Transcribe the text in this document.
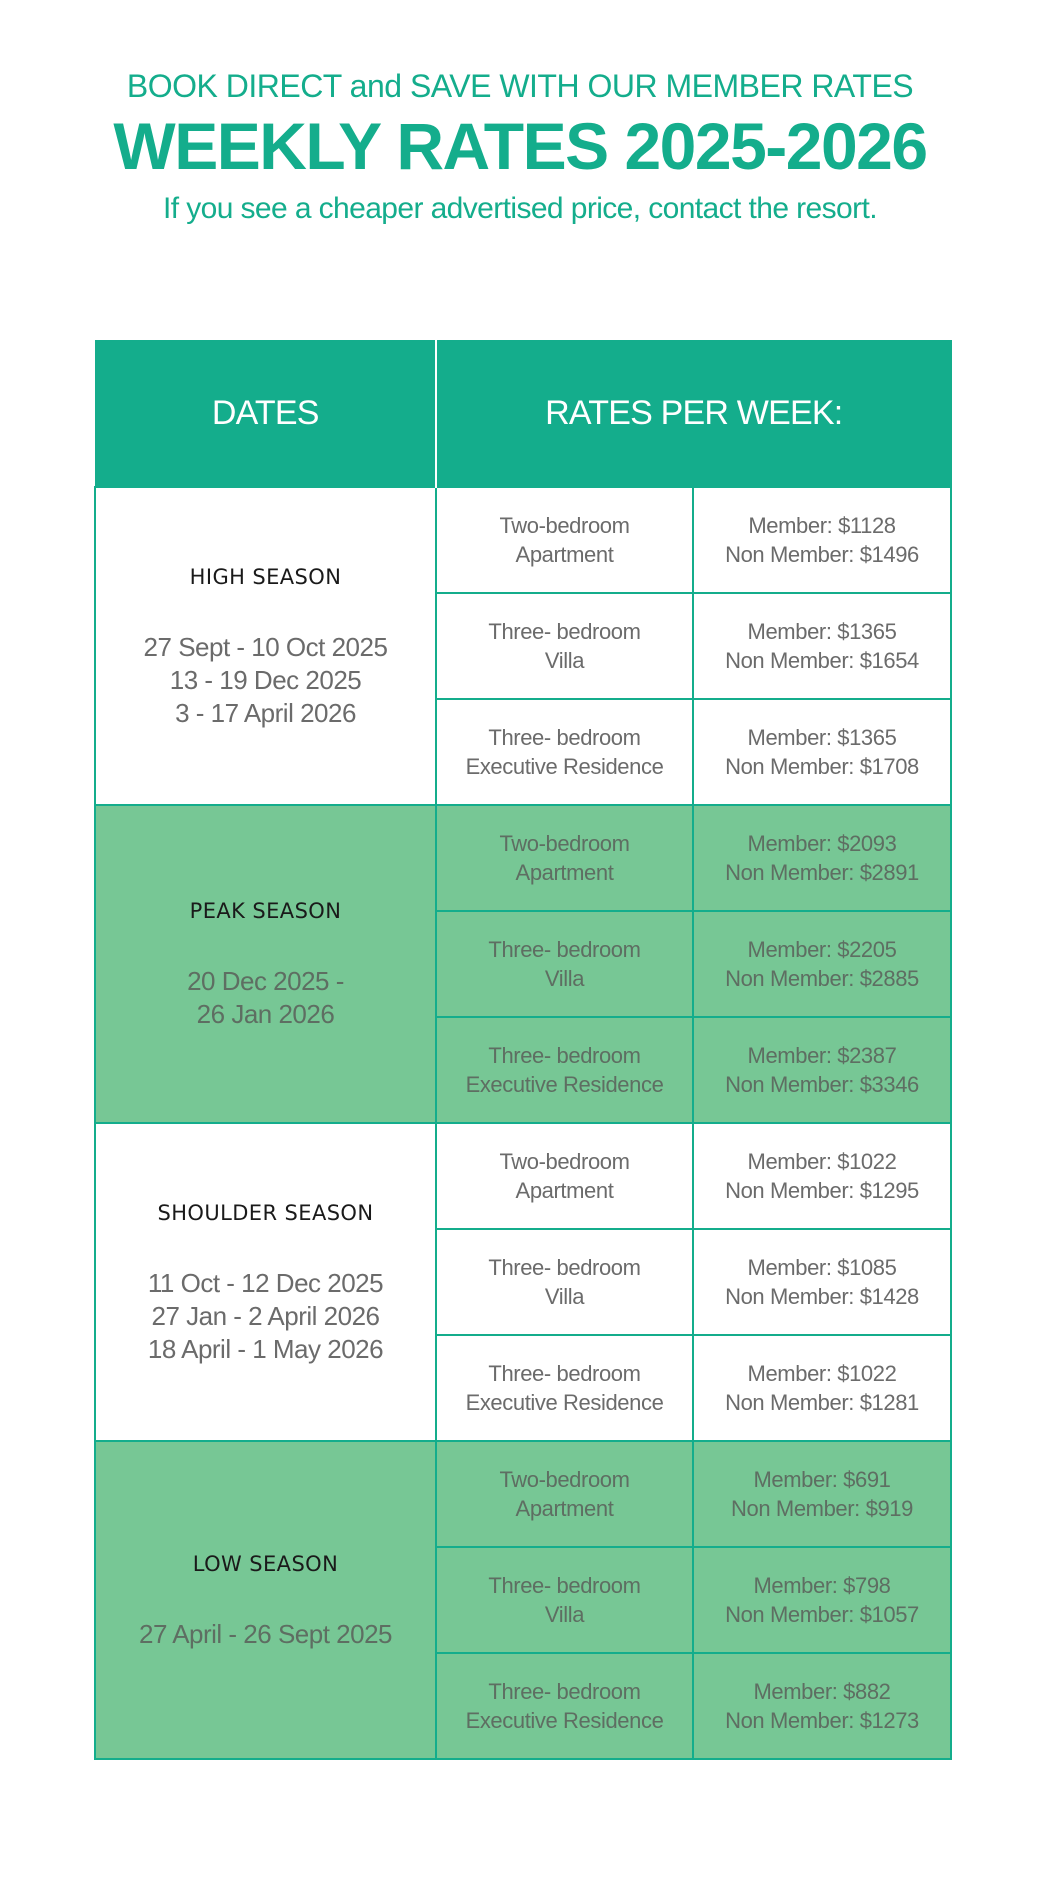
BOOK DIRECT and SAVE WITH OUR MEMBER RATES
WEEKLY RATES 2025-2026
If you see a cheaper advertised price, contact the resort.
DATES	RATES PER WEEK:	

HIGH SEASON
27 Sept - 10 Oct 2025
13 - 19 Dec 2025
3 - 17 April 2026	Two-bedroom
Apartment	Member: $1128
Non Member: $1496

	Three- bedroom
Villa	Member: $1365
Non Member: $1654

	Three- bedroom
Executive Residence	Member: $1365
Non Member: $1708

PEAK SEASON
20 Dec 2025 -
26 Jan 2026	Two-bedroom
Apartment	Member: $2093
Non Member: $2891

	Three- bedroom
Villa	Member: $2205
Non Member: $2885

	Three- bedroom
Executive Residence	Member: $2387
Non Member: $3346

SHOULDER SEASON
11 Oct - 12 Dec 2025
27 Jan - 2 April 2026
18 April - 1 May 2026	Two-bedroom
Apartment	Member: $1022
Non Member: $1295

	Three- bedroom
Villa	Member: $1085
Non Member: $1428

	Three- bedroom
Executive Residence	Member: $1022
Non Member: $1281

LOW SEASON
27 April - 26 Sept 2025	Two-bedroom
Apartment	Member: $691
Non Member: $919

	Three- bedroom
Villa	Member: $798
Non Member: $1057

	Three- bedroom
Executive Residence	Member: $882
Non Member: $1273
